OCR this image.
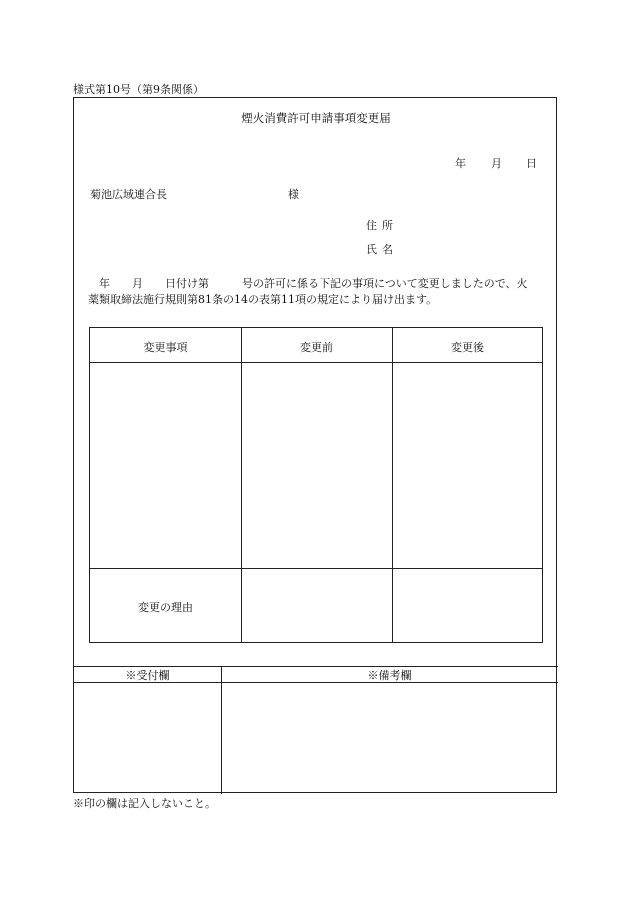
様式第10号（第9条関係）
煙火消費許可申請事項変更届
年 月 日
菊池広域連合長	様
住所
氏名
　年　　月　　日付け第　　　号の許可に係る下記の事項について変更しましたので、火
薬類取締法施行規則第81条の14の表第11項の規定により届け出ます。
変更事項	変更前	変更後
変更の理由
※受付欄	※備考欄
※印の欄は記入しないこと。
